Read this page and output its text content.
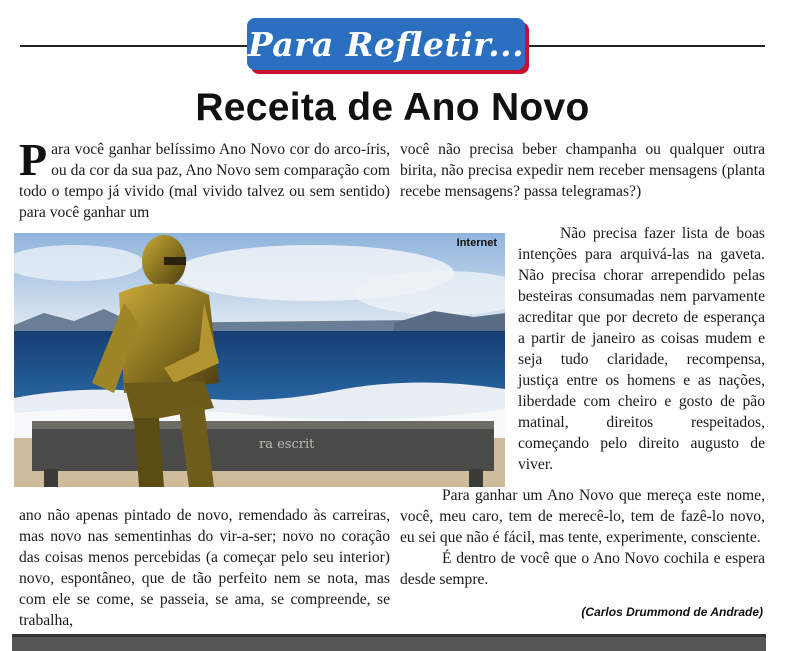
Para Refletir...
Receita de Ano Novo

Para você ganhar belíssimo Ano Novo cor do arco-íris, ou da cor da sua paz, Ano Novo sem comparação com todo o tempo já vivido (mal vivido talvez ou sem sentido) para você ganhar um

você não precisa beber champanha ou qualquer outra birita, não precisa expedir nem receber mensagens (planta recebe mensagens? passa telegramas?)

ra escrit
Internet

Não precisa fazer lista de boas intenções para arquivá-las na gaveta. Não precisa chorar arrependido pelas besteiras consumadas nem parvamente acreditar que por decreto de esperança a partir de janeiro as coisas mudem e seja tudo claridade, recompensa, justiça entre os homens e as nações, liberdade com cheiro e gosto de pão matinal, direitos respeitados, começando pelo direito augusto de viver.

ano não apenas pintado de novo, remendado às carreiras, mas novo nas sementinhas do vir-a-ser; novo no coração das coisas menos percebidas (a começar pelo seu interior) novo, espontâneo, que de tão perfeito nem se nota, mas com ele se come, se passeia, se ama, se compreende, se trabalha,

Para ganhar um Ano Novo que mereça este nome, você, meu caro, tem de merecê-lo, tem de fazê-lo novo, eu sei que não é fácil, mas tente, experimente, consciente.

É dentro de você que o Ano Novo cochila e espera desde sempre.

(Carlos Drummond de Andrade)
